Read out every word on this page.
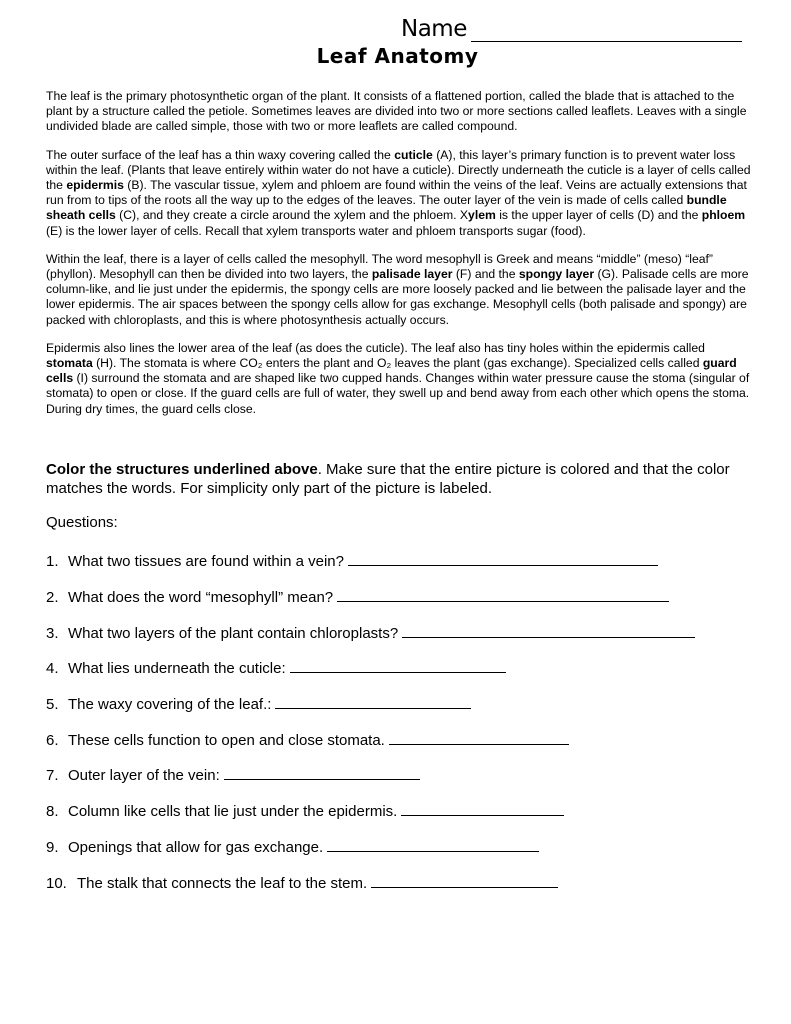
Name
Leaf Anatomy

The leaf is the primary photosynthetic organ of the plant. It consists of a flattened portion, called the blade that is attached to the plant by a structure called the petiole. Sometimes leaves are divided into two or more sections called leaflets. Leaves with a single undivided blade are called simple, those with two or more leaflets are called compound.

The outer surface of the leaf has a thin waxy covering called the cuticle (A), this layer’s primary function is to prevent water loss within the leaf. (Plants that leave entirely within water do not have a cuticle). Directly underneath the cuticle is a layer of cells called the epidermis (B). The vascular tissue, xylem and phloem are found within the veins of the leaf. Veins are actually extensions that run from to tips of the roots all the way up to the edges of the leaves. The outer layer of the vein is made of cells called bundle sheath cells (C), and they create a circle around the xylem and the phloem. Xylem is the upper layer of cells (D) and the phloem (E) is the lower layer of cells. Recall that xylem transports water and phloem transports sugar (food).

Within the leaf, there is a layer of cells called the mesophyll. The word mesophyll is Greek and means “middle” (meso) “leaf” (phyllon). Mesophyll can then be divided into two layers, the palisade layer (F) and the spongy layer (G). Palisade cells are more column-like, and lie just under the epidermis, the spongy cells are more loosely packed and lie between the palisade layer and the lower epidermis. The air spaces between the spongy cells allow for gas exchange. Mesophyll cells (both palisade and spongy) are packed with chloroplasts, and this is where photosynthesis actually occurs.

Epidermis also lines the lower area of the leaf (as does the cuticle). The leaf also has tiny holes within the epidermis called stomata (H). The stomata is where CO₂ enters the plant and O₂ leaves the plant (gas exchange). Specialized cells called guard cells (I) surround the stomata and are shaped like two cupped hands. Changes within water pressure cause the stoma (singular of stomata) to open or close. If the guard cells are full of water, they swell up and bend away from each other which opens the stoma. During dry times, the guard cells close.

Color the structures underlined above. Make sure that the entire picture is colored and that the color matches the words. For simplicity only part of the picture is labeled.

Questions:
1. What two tissues are found within a vein?
2. What does the word “mesophyll” mean?
3. What two layers of the plant contain chloroplasts?
4. What lies underneath the cuticle:
5. The waxy covering of the leaf.:
6. These cells function to open and close stomata.
7. Outer layer of the vein:
8. Column like cells that lie just under the epidermis.
9. Openings that allow for gas exchange.
10. The stalk that connects the leaf to the stem.
